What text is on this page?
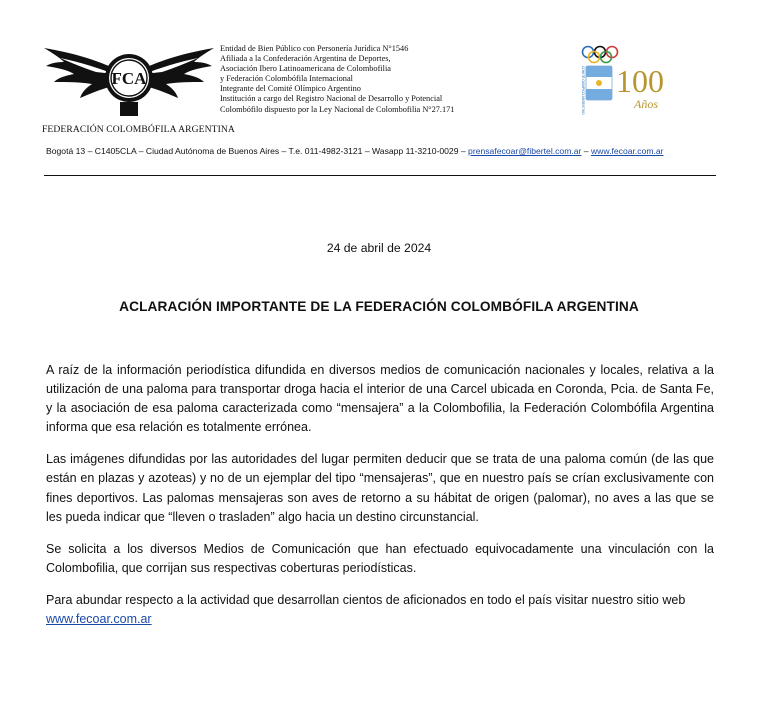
FCA
FEDERACIÓN COLOMBÓFILA ARGENTINA
Entidad de Bien Público con Personería Jurídica N°1546
Afiliada a la Confederación Argentina de Deportes,
Asociación Ibero Latinoamericana de Colombofilia
y Federación Colombófila Internacional
Integrante del Comité Olímpico Argentino
Institución a cargo del Registro Nacional de Desarrollo y Potencial
Colombófilo dispuesto por la Ley Nacional de Colombofilia N°27.171	COMITÉ OLÍMPICO ARGENTINO 100
Años
Bogotá 13 – C1405CLA – Ciudad Autónoma de Buenos Aires – T.e. 011-4982-3121 – Wasapp 11-3210-0029 – prensafecoar@fibertel.com.ar – www.fecoar.com.ar
24 de abril de 2024
ACLARACIÓN IMPORTANTE DE LA FEDERACIÓN COLOMBÓFILA ARGENTINA

A raíz de la información periodística difundida en diversos medios de comunicación nacionales y locales, relativa a la utilización de una paloma para transportar droga hacia el interior de una Carcel ubicada en Coronda, Pcia. de Santa Fe, y la asociación de esa paloma caracterizada como “mensajera” a la Colombofilia, la Federación Colombófila Argentina informa que esa relación es totalmente errónea.

Las imágenes difundidas por las autoridades del lugar permiten deducir que se trata de una paloma común (de las que están en plazas y azoteas) y no de un ejemplar del tipo “mensajeras”, que en nuestro país se crían exclusivamente con fines deportivos. Las palomas mensajeras son aves de retorno a su hábitat de origen (palomar), no aves a las que se les pueda indicar que “lleven o trasladen” algo hacia un destino circunstancial.

Se solicita a los diversos Medios de Comunicación que han efectuado equivocadamente una vinculación con la Colombofilia, que corrijan sus respectivas coberturas periodísticas.

Para abundar respecto a la actividad que desarrollan cientos de aficionados en todo el país visitar nuestro sitio web
www.fecoar.com.ar
